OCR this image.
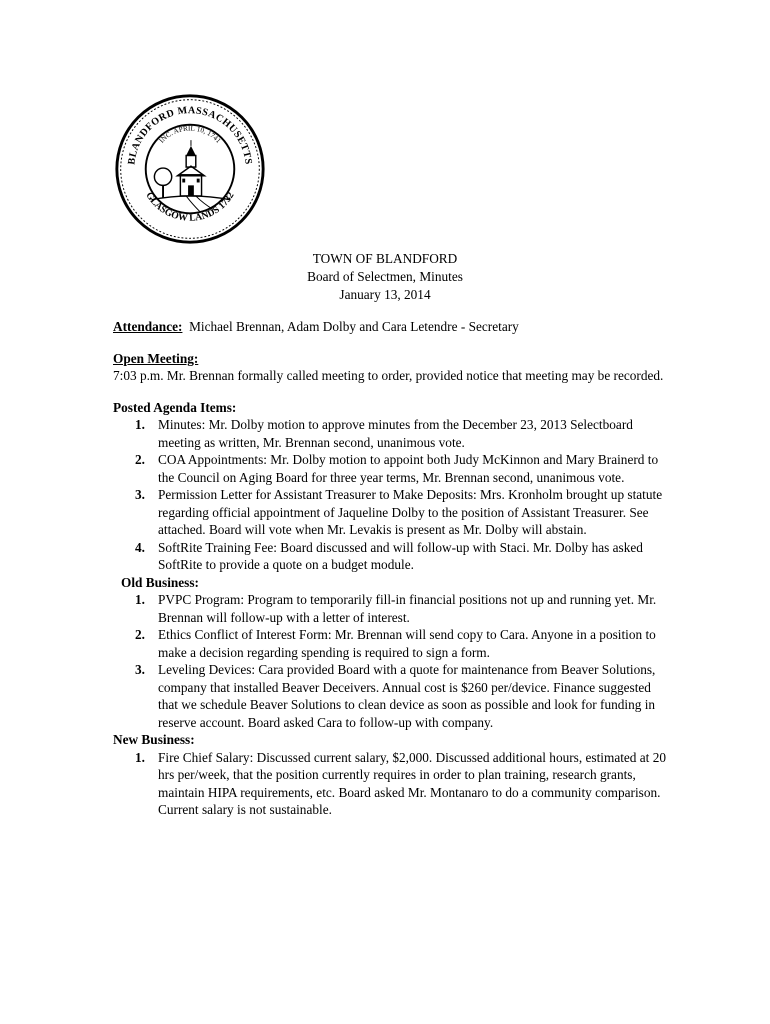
BLANDFORD MASSACHUSETTS
INC. APRIL 10, 1741
GLASGOW LANDS 1732
TOWN OF BLANDFORD
Board of Selectmen, Minutes
January 13, 2014

Attendance:  Michael Brennan, Adam Dolby and Cara Letendre - Secretary

Open Meeting:

7:03 p.m. Mr. Brennan formally called meeting to order, provided notice that meeting may be recorded.

Posted Agenda Items:
1. Minutes: Mr. Dolby motion to approve minutes from the December 23, 2013 Selectboard meeting as written, Mr. Brennan second, unanimous vote.
2. COA Appointments: Mr. Dolby motion to appoint both Judy McKinnon and Mary Brainerd to the Council on Aging Board for three year terms, Mr. Brennan second, unanimous vote.
3. Permission Letter for Assistant Treasurer to Make Deposits: Mrs. Kronholm brought up statute regarding official appointment of Jaqueline Dolby to the position of Assistant Treasurer. See attached. Board will vote when Mr. Levakis is present as Mr. Dolby will abstain.
4. SoftRite Training Fee: Board discussed and will follow-up with Staci. Mr. Dolby has asked SoftRite to provide a quote on a budget module.
Old Business:
1. PVPC Program: Program to temporarily fill-in financial positions not up and running yet. Mr. Brennan will follow-up with a letter of interest.
2. Ethics Conflict of Interest Form: Mr. Brennan will send copy to Cara. Anyone in a position to make a decision regarding spending is required to sign a form.
3. Leveling Devices: Cara provided Board with a quote for maintenance from Beaver Solutions, company that installed Beaver Deceivers. Annual cost is $260 per/device. Finance suggested that we schedule Beaver Solutions to clean device as soon as possible and look for funding in reserve account. Board asked Cara to follow-up with company.
New Business:
1. Fire Chief Salary: Discussed current salary, $2,000. Discussed additional hours, estimated at 20 hrs per/week, that the position currently requires in order to plan training, research grants, maintain HIPA requirements, etc. Board asked Mr. Montanaro to do a community comparison. Current salary is not sustainable.
